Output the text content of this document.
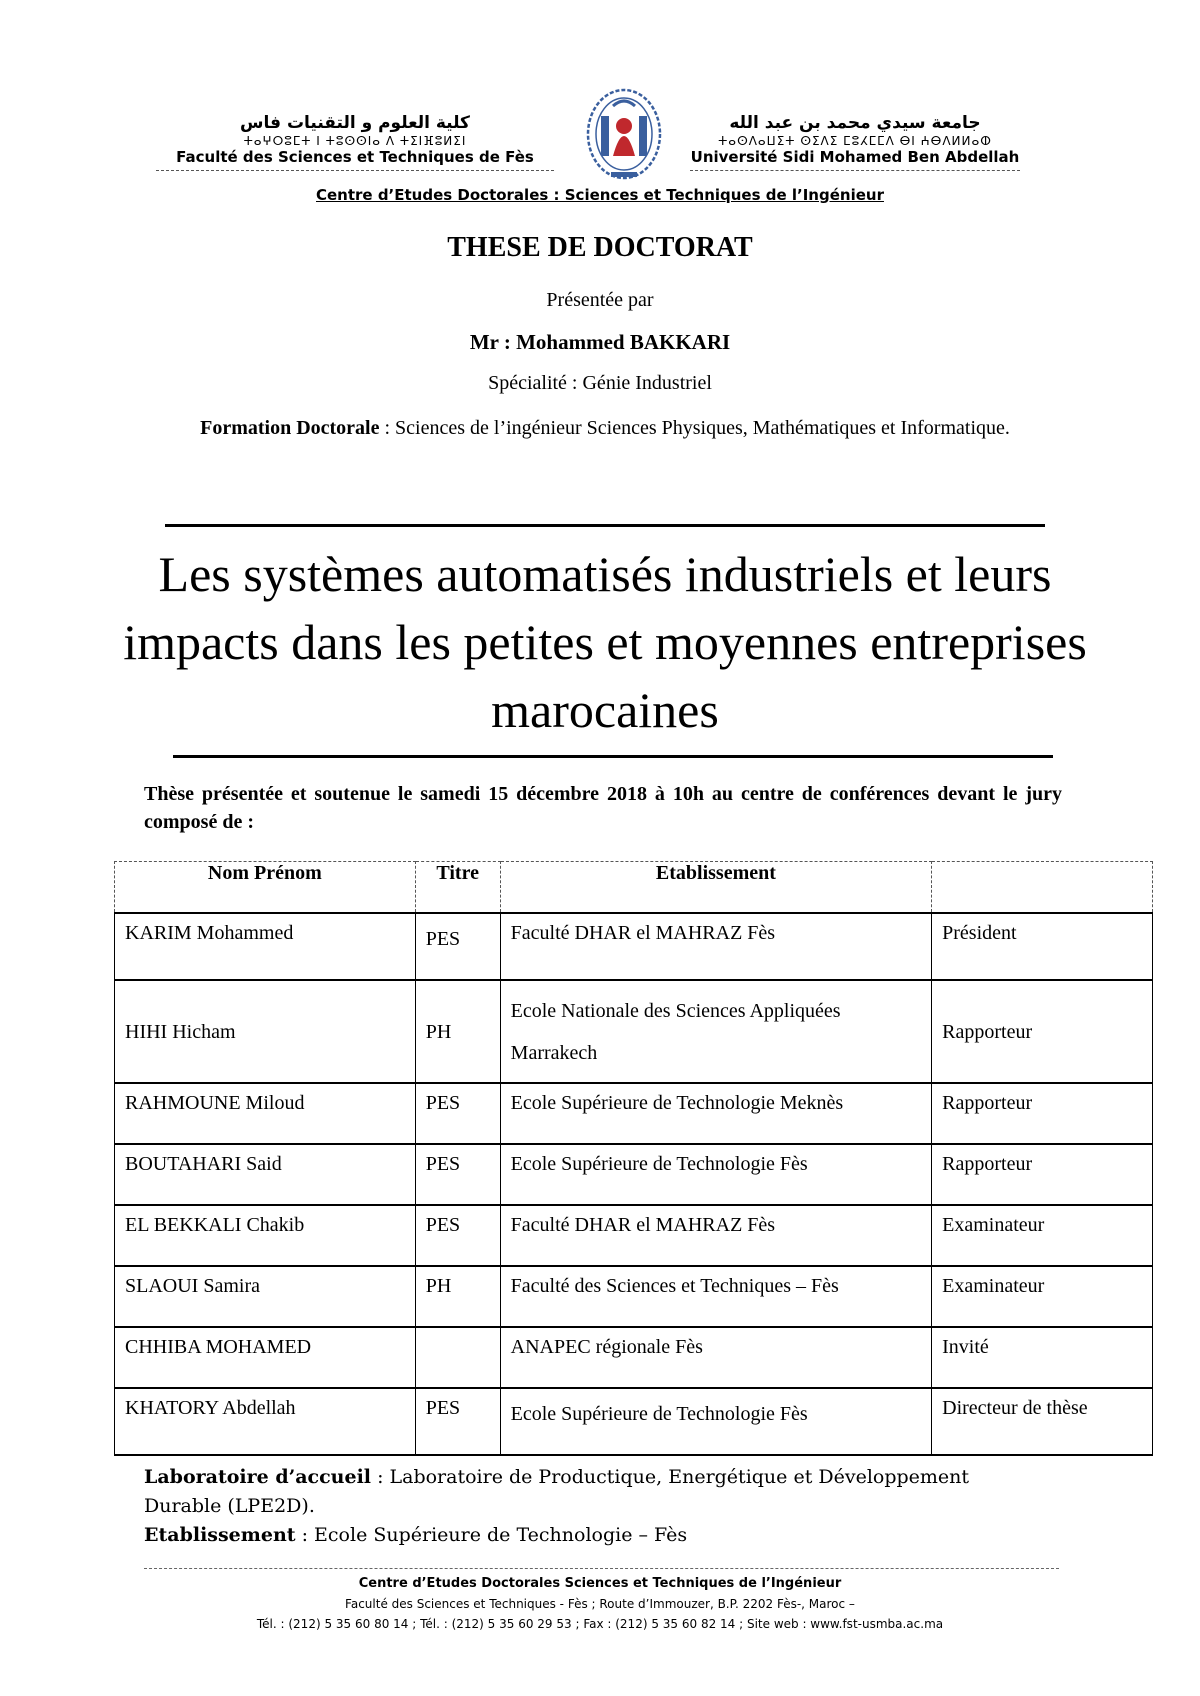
كلية العلوم و التقنيات فاس
ⵜⴰⵖⵔⵓⵎⵜ ⵏ ⵜⵓⵙⵙⵏⴰ ⴷ ⵜⵉⵏⴼⵓⵍⵉⵏ
Faculté des Sciences et Techniques de Fès
جامعة سيدي محمد بن عبد الله
ⵜⴰⵙⴷⴰⵡⵉⵜ ⵙⵉⴷⵉ ⵎⵓⵃⵎⵎⴷ ⴱⵏ ⵄⴱⴷⵍⵍⴰⵀ
Université Sidi Mohamed Ben Abdellah
Centre d’Etudes Doctorales : Sciences et Techniques de l’Ingénieur
THESE DE DOCTORAT
Présentée par
Mr : Mohammed BAKKARI
Spécialité : Génie Industriel
Formation Doctorale : Sciences de l’ingénieur Sciences Physiques, Mathématiques et Informatique.
Les systèmes automatisés industriels et leurs impacts dans les petites et moyennes entreprises marocaines
Thèse présentée et soutenue le samedi 15 décembre 2018 à 10h au centre de conférences devant le jury composé de :
Nom Prénom	Titre	Etablissement	
KARIM Mohammed	PES	Faculté DHAR el MAHRAZ Fès	Président
HIHI Hicham	PH	Ecole Nationale des Sciences Appliquées Marrakech	Rapporteur
RAHMOUNE Miloud	PES	Ecole Supérieure de Technologie Meknès	Rapporteur
BOUTAHARI Said	PES	Ecole Supérieure de Technologie Fès	Rapporteur
EL BEKKALI Chakib	PES	Faculté DHAR el MAHRAZ Fès	Examinateur
SLAOUI Samira	PH	Faculté des Sciences et Techniques – Fès	Examinateur
CHHIBA MOHAMED		ANAPEC régionale Fès	Invité
KHATORY Abdellah	PES	Ecole Supérieure de Technologie Fès	Directeur de thèse
Laboratoire d’accueil : Laboratoire de Productique, Energétique et Développement Durable (LPE2D).
Etablissement : Ecole Supérieure de Technologie – Fès
Centre d’Etudes Doctorales Sciences et Techniques de l’Ingénieur
Faculté des Sciences et Techniques - Fès ; Route d’Immouzer, B.P. 2202 Fès-, Maroc –
Tél. : (212) 5 35 60 80 14 ; Tél. : (212) 5 35 60 29 53 ; Fax : (212) 5 35 60 82 14 ; Site web : www.fst-usmba.ac.ma
